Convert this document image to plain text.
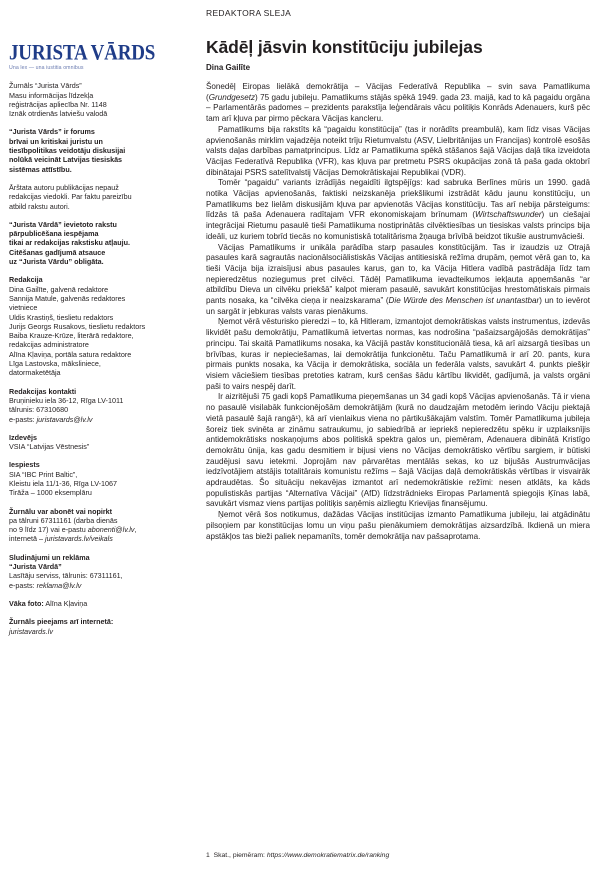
REDAKTORA SLEJA
JURISTA VĀRDS
Una lex — una iustitia omnibus
Žurnāls “Jurista Vārds”
Masu informācijas līdzekļa
reģistrācijas apliecība Nr. 1148
Iznāk otrdienās latviešu valodā
“Jurista Vārds” ir forums
brīvai un kritiskai juristu un
tiesībpolitikas veidotāju diskusijai
nolūkā veicināt Latvijas tiesiskās
sistēmas attīstību.
Ārštata autoru publikācijas nepauž
redakcijas viedokli. Par faktu pareizību
atbild rakstu autori.
“Jurista Vārdā” ievietoto rakstu
pārpublicēšana iespējama
tikai ar redakcijas rakstisku atļauju.
Citēšanas gadījumā atsauce
uz “Jurista Vārdu” obligāta.
Redakcija
Dina Gailīte, galvenā redaktore
Sannija Matule, galvenās redaktores
vietniece
Uldis Krastiņš, tieslietu redaktors
Jurijs Georgs Rusakovs, tieslietu redaktors
Baiba Krauze-Krūze, literārā redaktore,
redakcijas administratore
Alīna Kļaviņa, portāla satura redaktore
Līga Lastovska, māksliniece,
datormaketētāja
Redakcijas kontakti
Bruņinieku iela 36-12, Rīga LV-1011
tālrunis: 67310680
e-pasts: juristavards@lv.lv
Izdevējs
VSIA “Latvijas Vēstnesis”
Iespiests
SIA “IBC Print Baltic”,
Kleistu iela 11/1-36, Rīga LV-1067
Tirāža – 1000 eksemplāru
Žurnālu var abonēt vai nopirkt
pa tālruni 67311161 (darba dienās
no 9 līdz 17) vai e-pastu abonenti@lv.lv,
internetā – juristavards.lv/veikals
Sludinājumi un reklāma
“Jurista Vārdā”
Lasītāju serviss, tālrunis: 67311161,
e-pasts: reklama@lv.lv
Vāka foto: Alīna Kļaviņa
Žurnāls pieejams arī internetā:
juristavards.lv
Kādēļ jāsvin konstitūciju jubilejas
Dina Gailīte

Šonedēļ Eiropas lielākā demokrātija – Vācijas Federatīvā Republika – svin sava Pamatlikuma (Grundgesetz) 75 gadu jubileju. Pamatlikums stājās spēkā 1949. gada 23. maijā, kad to kā pagaidu orgāna – Parlamentārās padomes – prezidents parakstīja leģendārais vācu politiķis Konrāds Adenauers, kurš pēc tam arī kļuva par pirmo pēckara Vācijas kancleru.

Pamatlikums bija rakstīts kā “pagaidu konstitūcija” (tas ir norādīts preambulā), kam līdz visas Vācijas apvienošanās mirklim vajadzēja noteikt trīju Rietumvalstu (ASV, Lielbritānijas un Francijas) kontrolē esošās valsts daļas darbības pamatprincipus. Līdz ar Pamatlikuma spēkā stāšanos šajā Vācijas daļā tika izveidota Vācijas Federatīvā Republika (VFR), kas kļuva par pretmetu PSRS okupācijas zonā tā paša gada oktobrī dibinātajai PSRS satelītvalstij Vācijas Demokrātiskajai Republikai (VDR).

Tomēr “pagaidu” variants izrādījās negaidīti ilgtspējīgs: kad sabruka Berlīnes mūris un 1990. gadā notika Vācijas apvienošanās, faktiski neizskanēja priekšlikumi izstrādāt kādu jaunu konstitūciju, un Pamatlikums bez lielām diskusijām kļuva par apvienotās Vācijas konstitūciju. Tas arī nebija pārsteigums: līdzās tā paša Adenauera radītajam VFR ekonomiskajam brīnumam (Wirtschaftswunder) un ciešajai integrācijai Rietumu pasaulē tieši Pamatlikuma nostiprinātās cilvēktiesības un tiesiskas valsts princips bija ideāli, uz kuriem tobrīd tiecās no komunistiskā totalitārisma žņauga brīvībā beidzot tikušie austrumvācieši.

Vācijas Pamatlikums ir unikāla parādība starp pasaules konstitūcijām. Tas ir izaudzis uz Otrajā pasaules karā sagrautās nacionālsociālistiskās Vācijas antitiesiskā režīma drupām, ņemot vērā gan to, ka tieši Vācija bija izraisījusi abus pasaules karus, gan to, ka Vācija Hitlera vadībā pastrādāja līdz tam nepieredzētus noziegumus pret cilvēci. Tādēļ Pamatlikuma ievadteikumos iekļauta apņemšanās “ar atbildību Dieva un cilvēku priekšā” kalpot mieram pasaulē, savukārt konstitūcijas hrestomātiskais pirmais pants nosaka, ka “cilvēka cieņa ir neaizskarama” (Die Würde des Menschen ist unantastbar) un to ievērot un sargāt ir jebkuras valsts varas pienākums.

Ņemot vērā vēsturisko pieredzi – to, kā Hitleram, izmantojot demokrātiskas valsts instrumentus, izdevās likvidēt pašu demokrātiju, Pamatlikumā ietvertas normas, kas nodrošina “pašaizsargājošās demokrātijas” principu. Tai skaitā Pamatlikums nosaka, ka Vācijā pastāv konstitucionālā tiesa, kā arī aizsargā tiesības un brīvības, kuras ir nepieciešamas, lai demokrātija funkcionētu. Taču Pamatlikumā ir arī 20. pants, kura pirmais punkts nosaka, ka Vācija ir demokrātiska, sociāla un federāla valsts, savukārt 4. punkts piešķir visiem vāciešiem tiesības pretoties katram, kurš cenšas šādu kārtību likvidēt, gadījumā, ja valsts orgāni paši to vairs nespēj darīt.

Ir aizritējuši 75 gadi kopš Pamatlikuma pieņemšanas un 34 gadi kopš Vācijas apvienošanās. Tā ir viena no pasaulē visilabāk funkcionējošām demokrātijām (kurā no daudzajām metodēm ierindo Vāciju piektajā vietā pasaulē šajā rangā¹), kā arī vienlaikus viena no pārtikušākajām valstīm. Tomēr Pamatlikuma jubileja šoreiz tiek svinēta ar zināmu satraukumu, jo sabiedrībā ar iepriekš nepieredzētu spēku ir uzplaiksnījis antidemokrātisks noskaņojums abos politiskā spektra galos un, piemēram, Adenauera dibinātā Kristīgo demokrātu ūnija, kas gadu desmitiem ir bijusi viens no Vācijas demokrātisko vērtību sargiem, ir būtiski zaudējusi savu ietekmi. Joprojām nav pārvarētas mentālās sekas, ko uz bijušās Austrumvācijas iedzīvotājiem atstājis totalitārais komunistu režīms – šajā Vācijas daļā demokrātiskās vērtības ir visvairāk apdraudētas. Šo situāciju nekavējas izmantot arī nedemokrātiskie režīmi: nesen atklāts, ka kāds populistiskās partijas “Alternatīva Vācijai” (AfD) līdzstrādnieks Eiropas Parlamentā spiegojis Ķīnas labā, savukārt vismaz viens partijas politiķis saņēmis aizliegtu Krievijas finansējumu.

Ņemot vērā šos notikumus, dažādas Vācijas institūcijas izmanto Pamatlikuma jubileju, lai atgādinātu pilsoņiem par konstitūcijas lomu un viņu pašu pienākumiem demokrātijas aizsardzībā. Ikdienā un miera apstākļos tas bieži paliek nepamanīts, tomēr demokrātija nav pašsaprotama.

1 Skat., piemēram: https://www.demokratiematrix.de/ranking
